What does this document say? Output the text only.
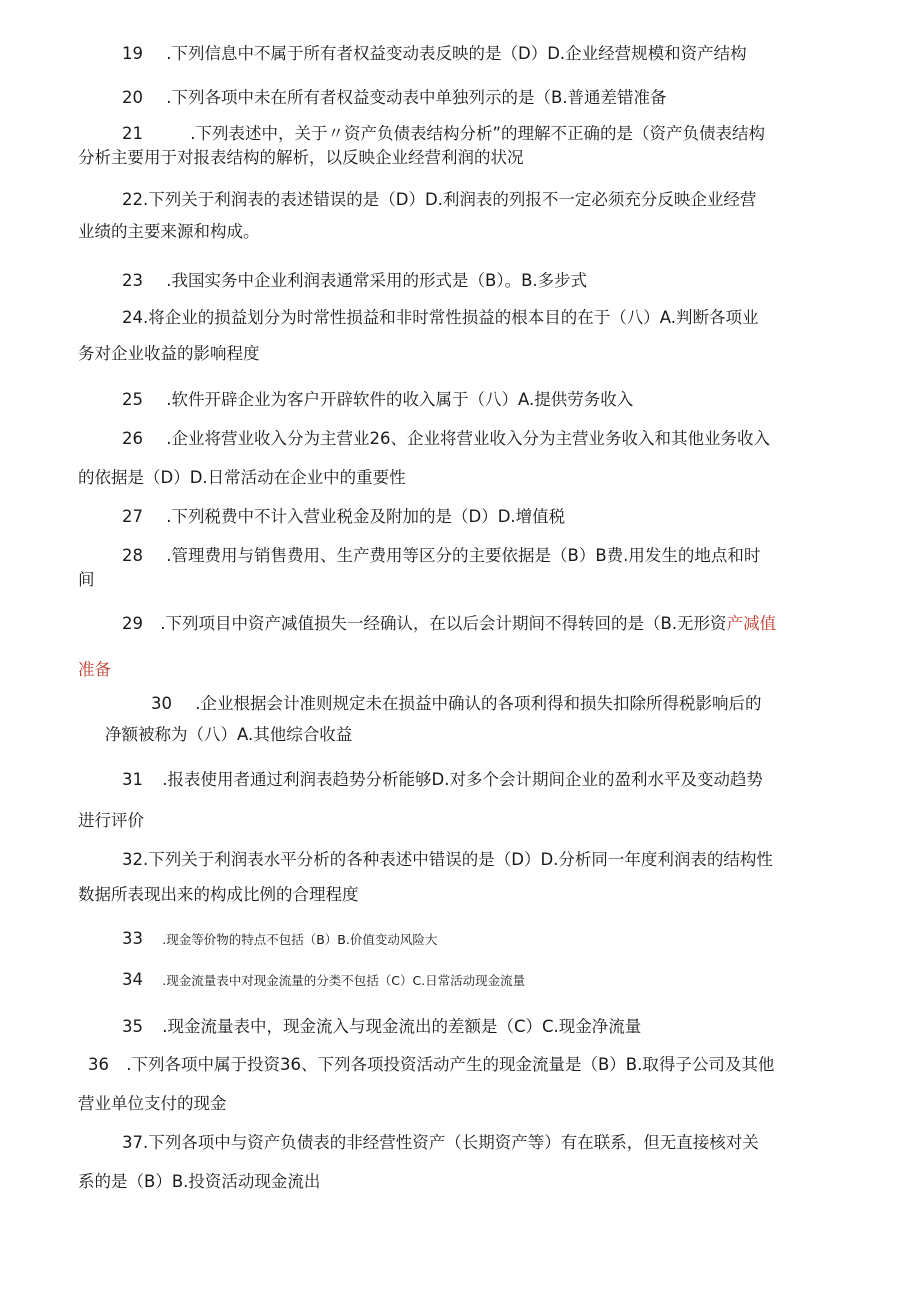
19 .下列信息中不属于所有者权益变动表反映的是（D）D.企业经营规模和资产结构
20 .下列各项中未在所有者权益变动表中单独列示的是（B.普通差错准备
21	.下列表述中，关于〃资产负债表结构分析”的理解不正确的是（资产负债表结构
分析主要用于对报表结构的解析，以反映企业经营利润的状况
22.下列关于利润表的表述错误的是（D）D.利润表的列报不一定必须充分反映企业经营
业绩的主要来源和构成。
23 .我国实务中企业利润表通常采用的形式是（B）。B.多步式
24.将企业的损益划分为时常性损益和非时常性损益的根本目的在于（八）A.判断各项业
务对企业收益的影响程度
25 .软件开辟企业为客户开辟软件的收入属于（八）A.提供劳务收入
26 .企业将营业收入分为主营业26、企业将营业收入分为主营业务收入和其他业务收入
的依据是（D）D.日常活动在企业中的重要性
27 .下列税费中不计入营业税金及附加的是（D）D.增值税
28 .管理费用与销售费用、生产费用等区分的主要依据是（B）B费.用发生的地点和时
间
29 .下列项目中资产减值损失一经确认，在以后会计期间不得转回的是（B.无形资产减值
准备
30 .企业根据会计准则规定未在损益中确认的各项利得和损失扣除所得税影响后的
净额被称为（八）A.其他综合收益
31 .报表使用者通过利润表趋势分析能够D.对多个会计期间企业的盈利水平及变动趋势
进行评价
32.下列关于利润表水平分析的各种表述中错误的是（D）D.分析同一年度利润表的结构性
数据所表现出来的构成比例的合理程度
33 .现金等价物的特点不包括（B）B.价值变动风险大
34 .现金流量表中对现金流量的分类不包括（C）C.日常活动现金流量
35 .现金流量表中，现金流入与现金流出的差额是（C）C.现金净流量
36 .下列各项中属于投资36、下列各项投资活动产生的现金流量是（B）B.取得子公司及其他
营业单位支付的现金
37.下列各项中与资产负债表的非经营性资产（长期资产等）有在联系，但无直接核对关
系的是（B）B.投资活动现金流出
